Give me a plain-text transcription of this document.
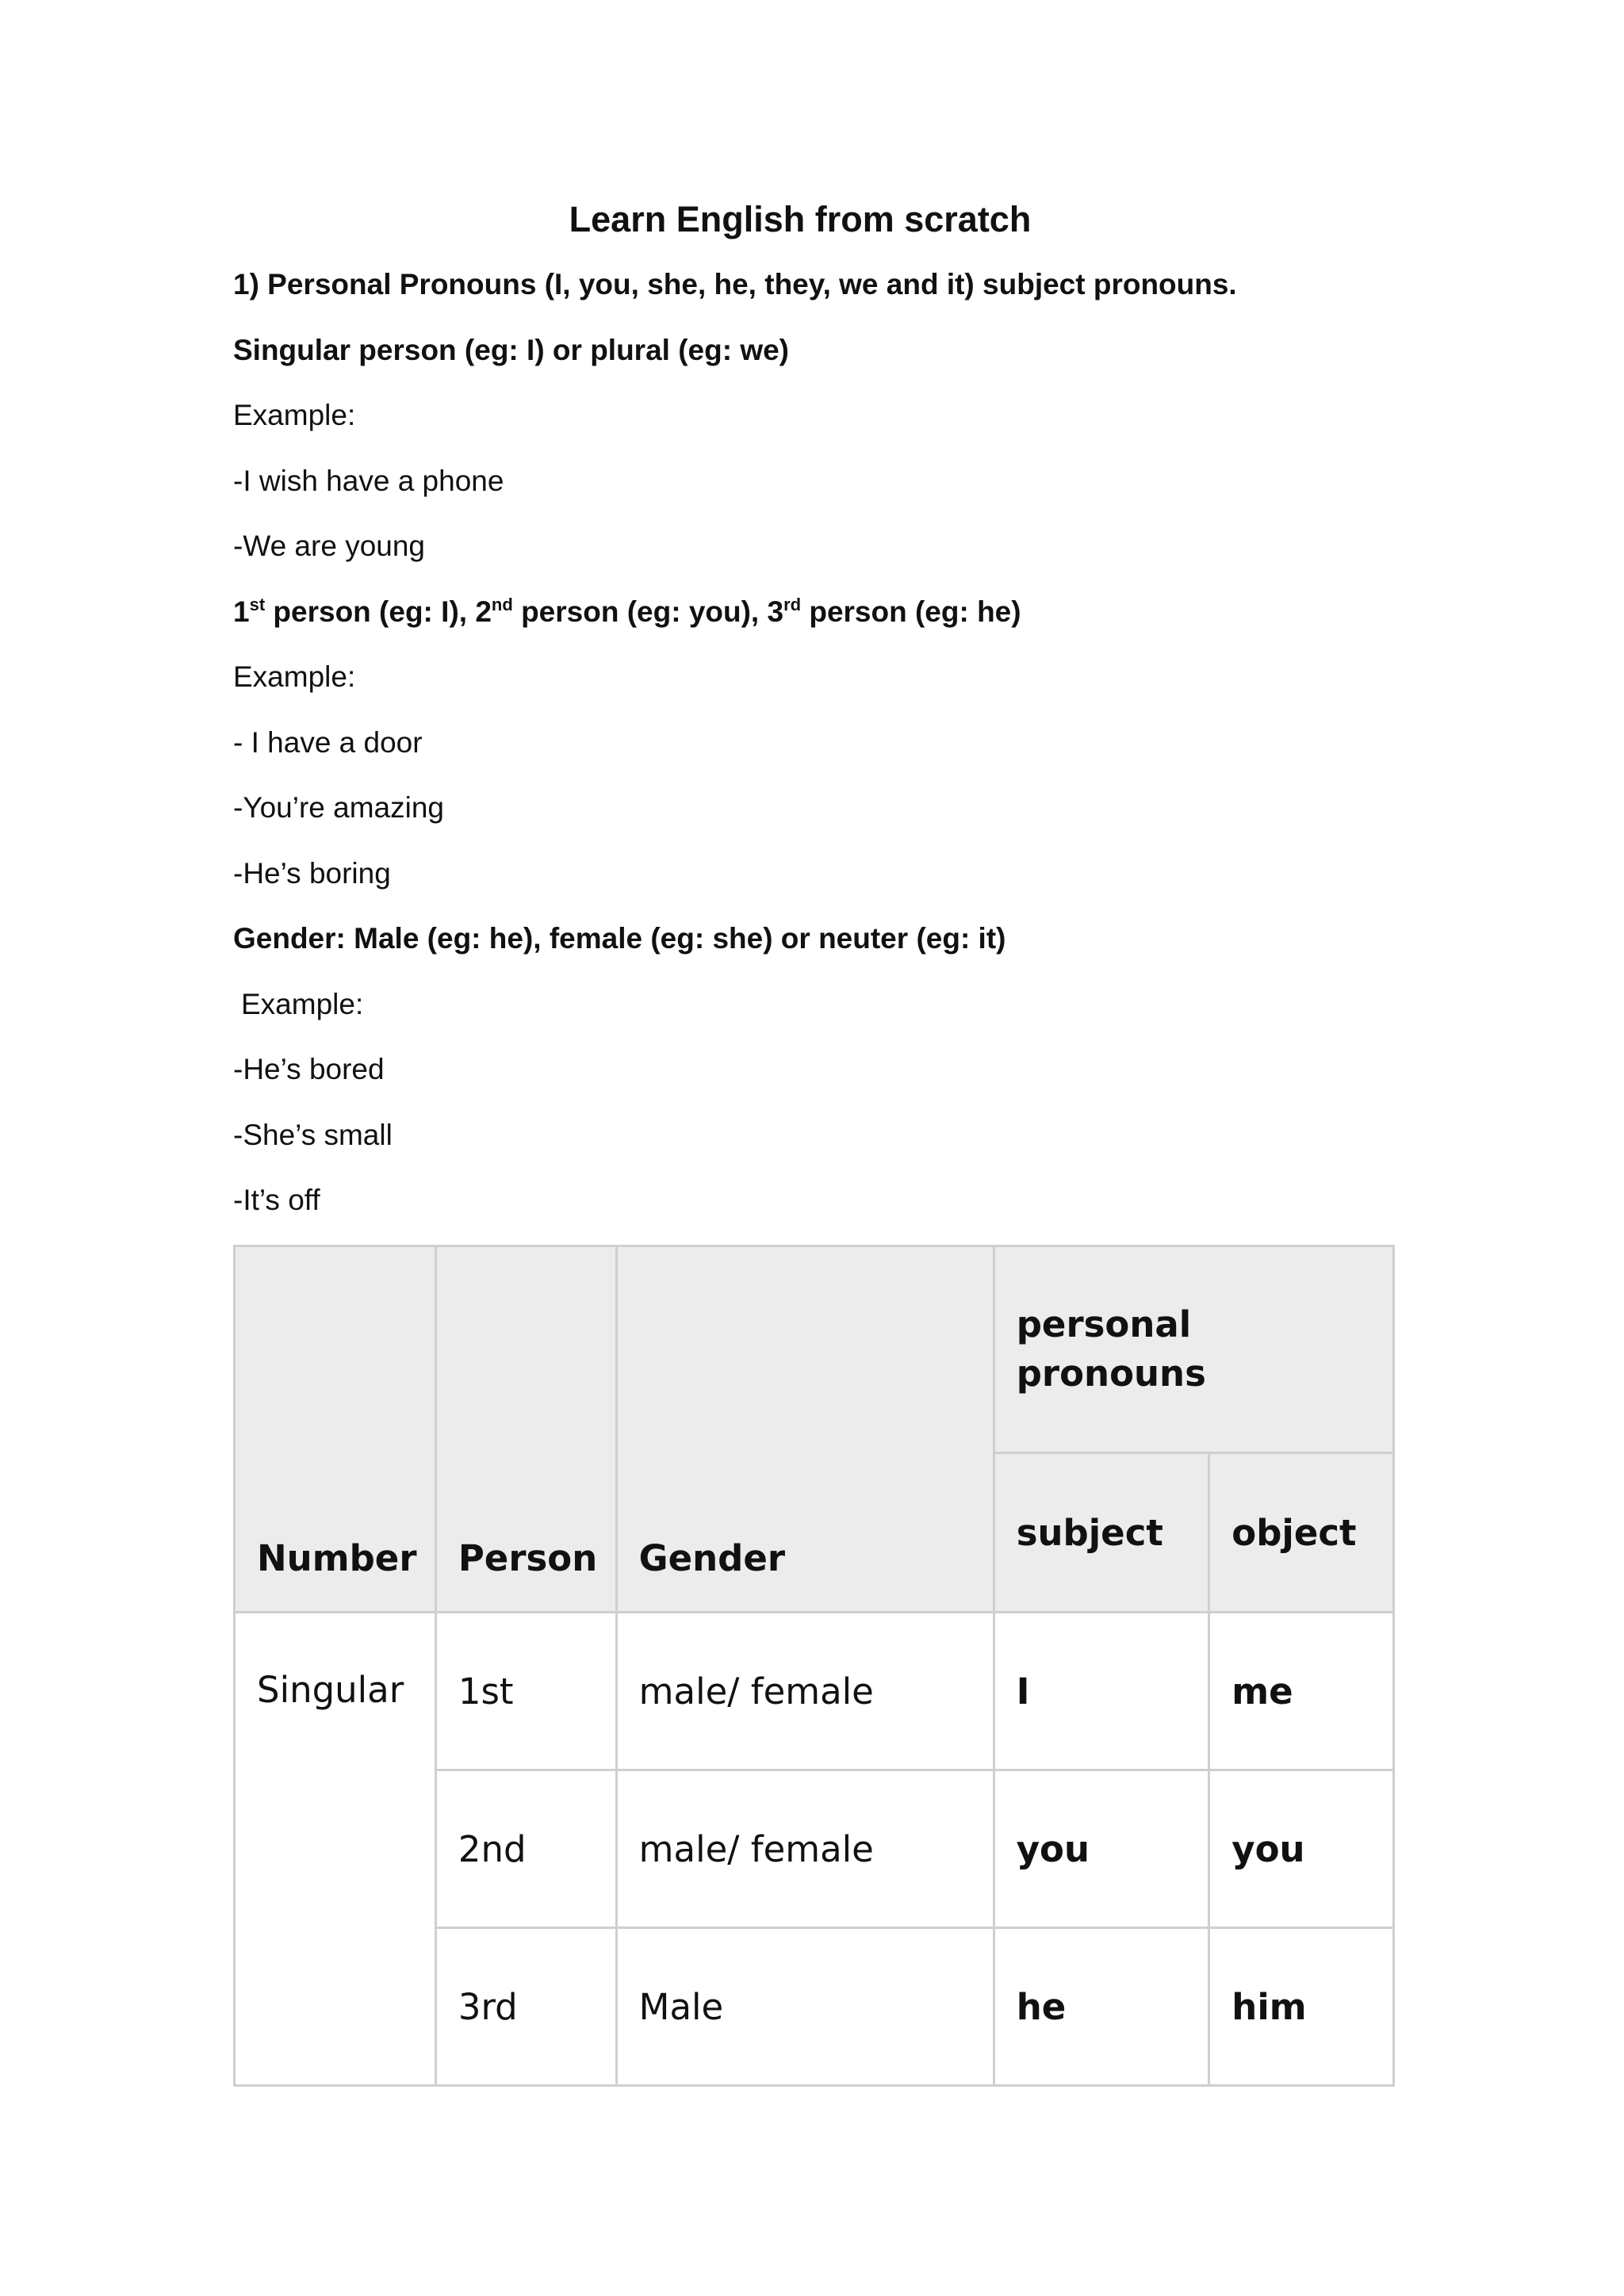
Learn English from scratch
1) Personal Pronouns (I, you, she, he, they, we and it) subject pronouns.
Singular person (eg: I) or plural (eg: we)
Example:
-I wish have a phone
-We are young
1st person (eg: I), 2nd person (eg: you), 3rd person (eg: he)
Example:
- I have a door
-You’re amazing
-He’s boring
Gender: Male (eg: he), female (eg: she) or neuter (eg: it)
Example:
-He’s bored
-She’s small
-It’s off
Number	Person	Gender	personal pronouns	
			subject	object
Singular	1st	male/ female	I	me
	2nd	male/ female	you	you
	3rd	Male	he	him
